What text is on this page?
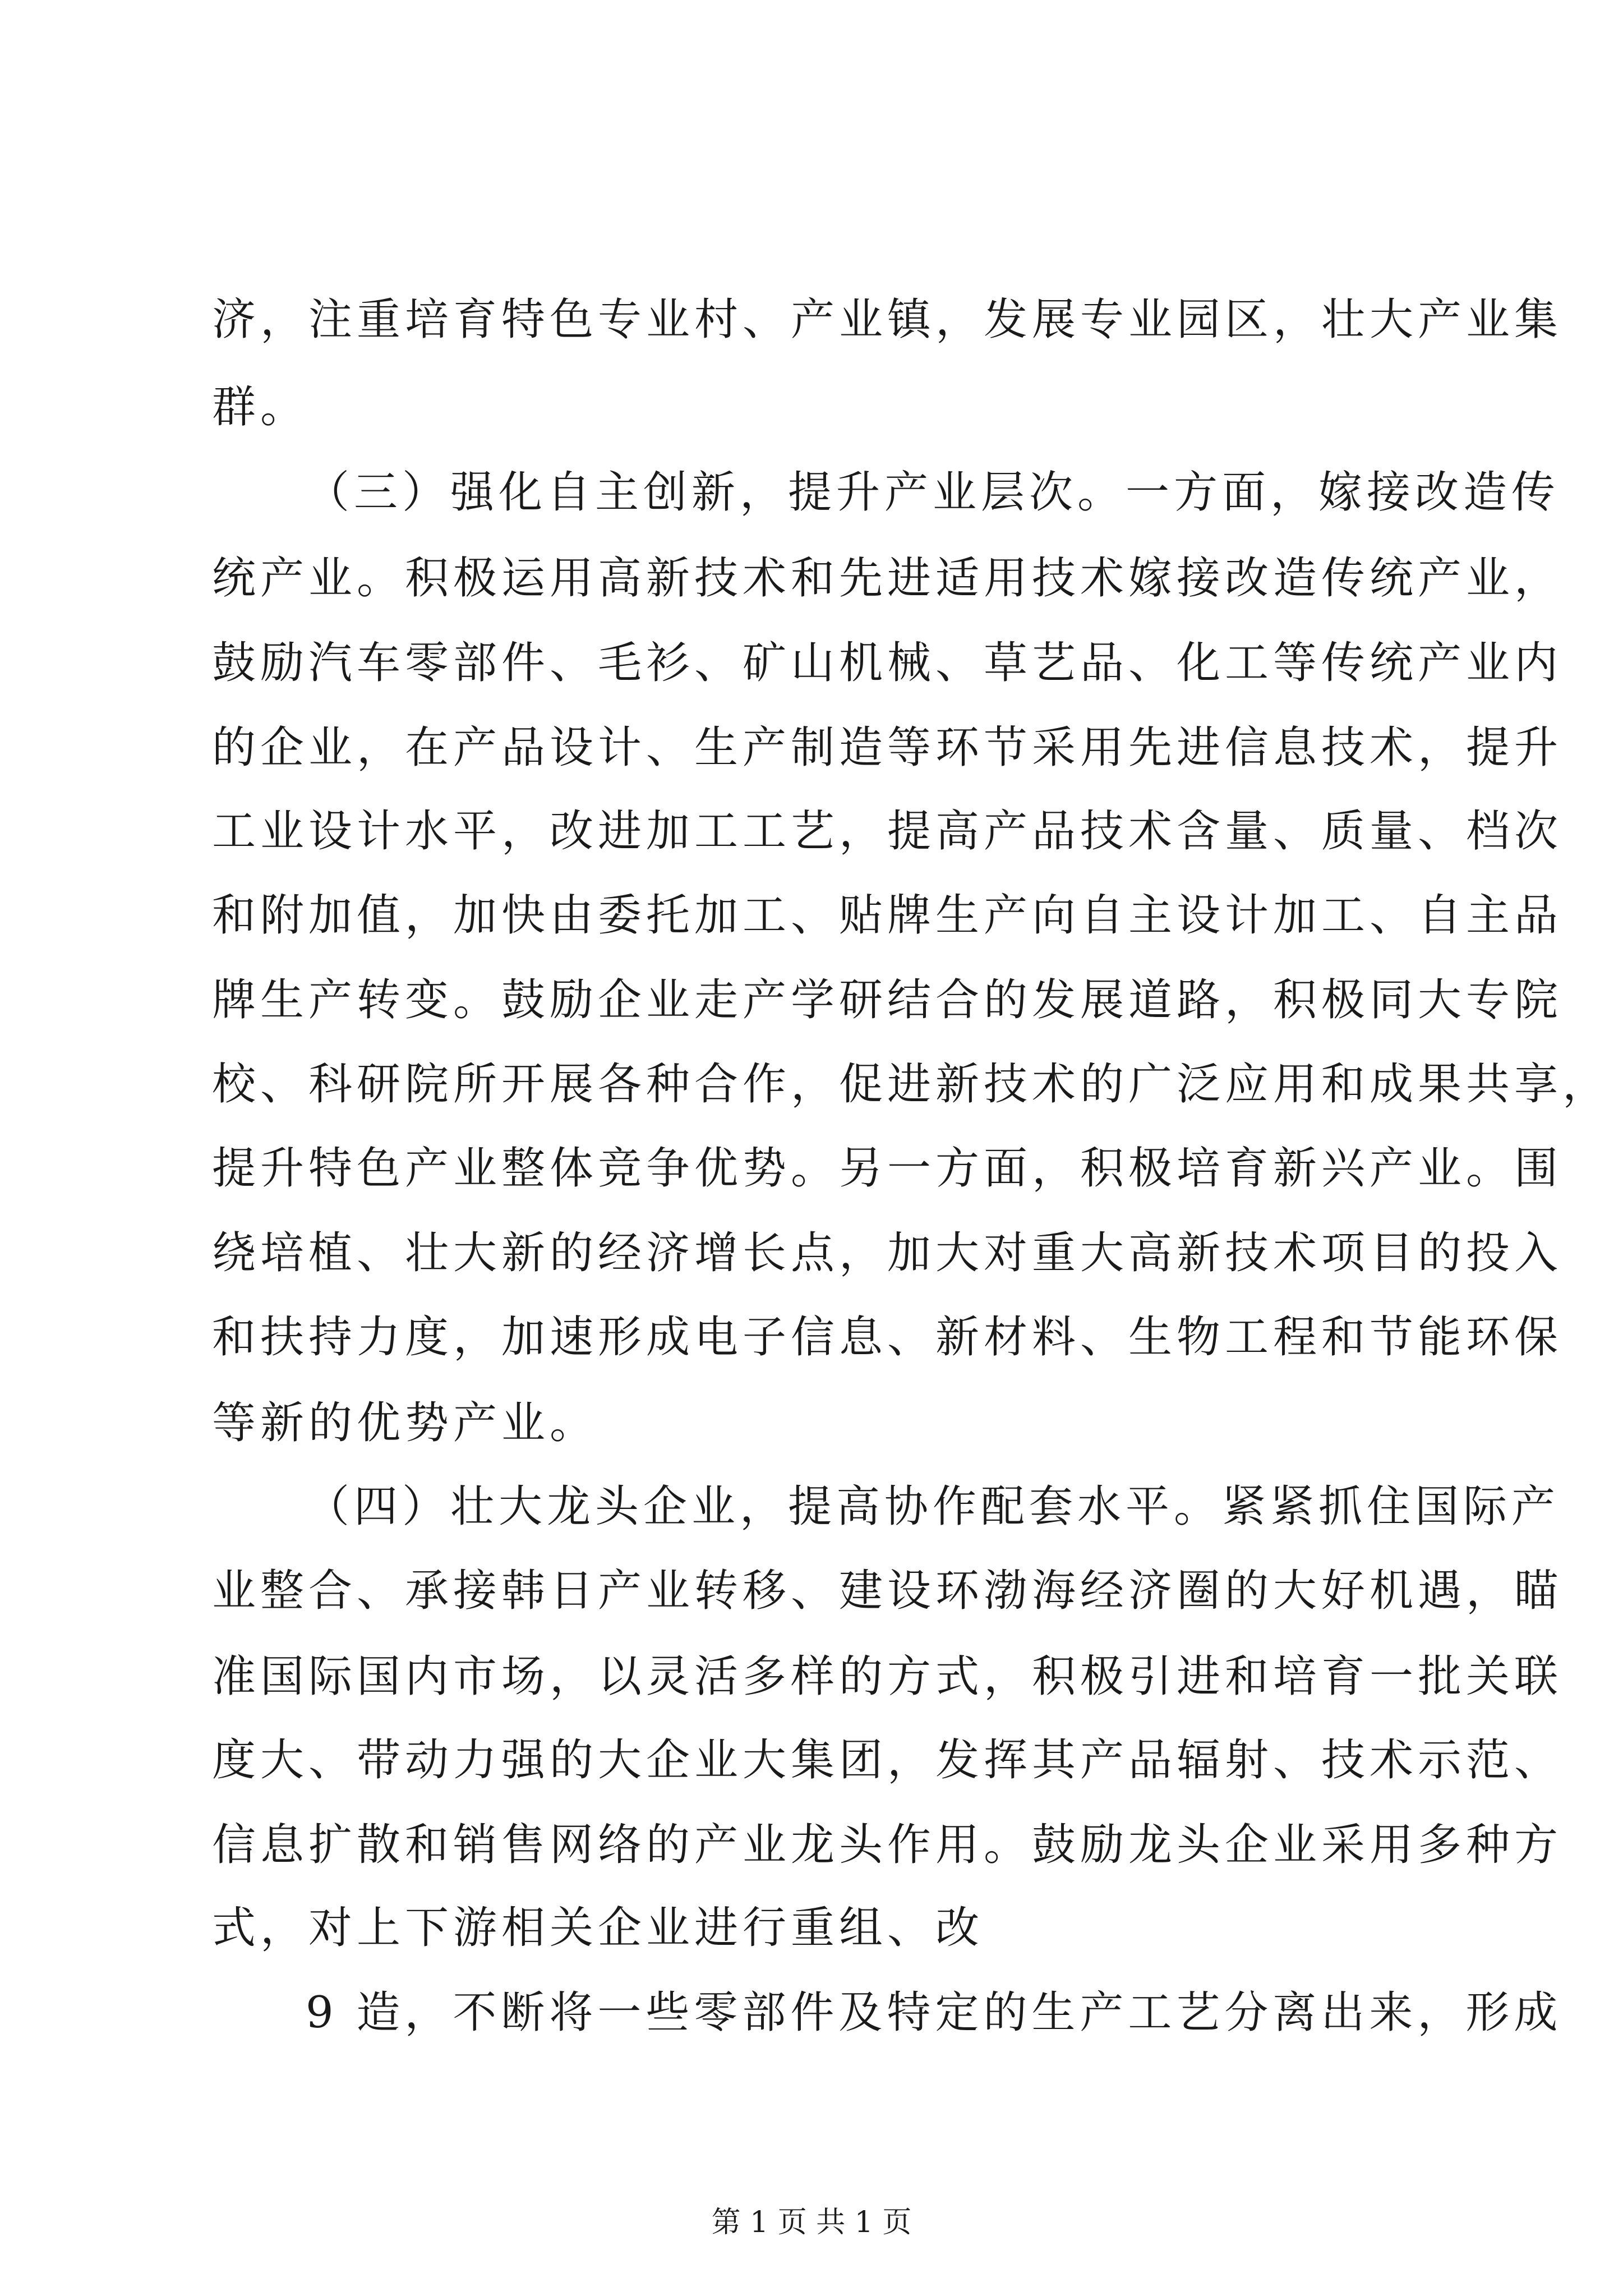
济，注重培育特色专业村、产业镇，发展专业园区，壮大产业集
群。
（三）强化自主创新，提升产业层次。一方面，嫁接改造传
统产业。积极运用高新技术和先进适用技术嫁接改造传统产业，
鼓励汽车零部件、毛衫、矿山机械、草艺品、化工等传统产业内
的企业，在产品设计、生产制造等环节采用先进信息技术，提升
工业设计水平，改进加工工艺，提高产品技术含量、质量、档次
和附加值，加快由委托加工、贴牌生产向自主设计加工、自主品
牌生产转变。鼓励企业走产学研结合的发展道路，积极同大专院
校、科研院所开展各种合作，促进新技术的广泛应用和成果共享，
提升特色产业整体竞争优势。另一方面，积极培育新兴产业。围
绕培植、壮大新的经济增长点，加大对重大高新技术项目的投入
和扶持力度，加速形成电子信息、新材料、生物工程和节能环保
等新的优势产业。
（四）壮大龙头企业，提高协作配套水平。紧紧抓住国际产
业整合、承接韩日产业转移、建设环渤海经济圈的大好机遇，瞄
准国际国内市场，以灵活多样的方式，积极引进和培育一批关联
度大、带动力强的大企业大集团，发挥其产品辐射、技术示范、
信息扩散和销售网络的产业龙头作用。鼓励龙头企业采用多种方
式，对上下游相关企业进行重组、改
第 1 页 共 1 页
9 造，不断将一些零部件及特定的生产工艺分离出来，形成
